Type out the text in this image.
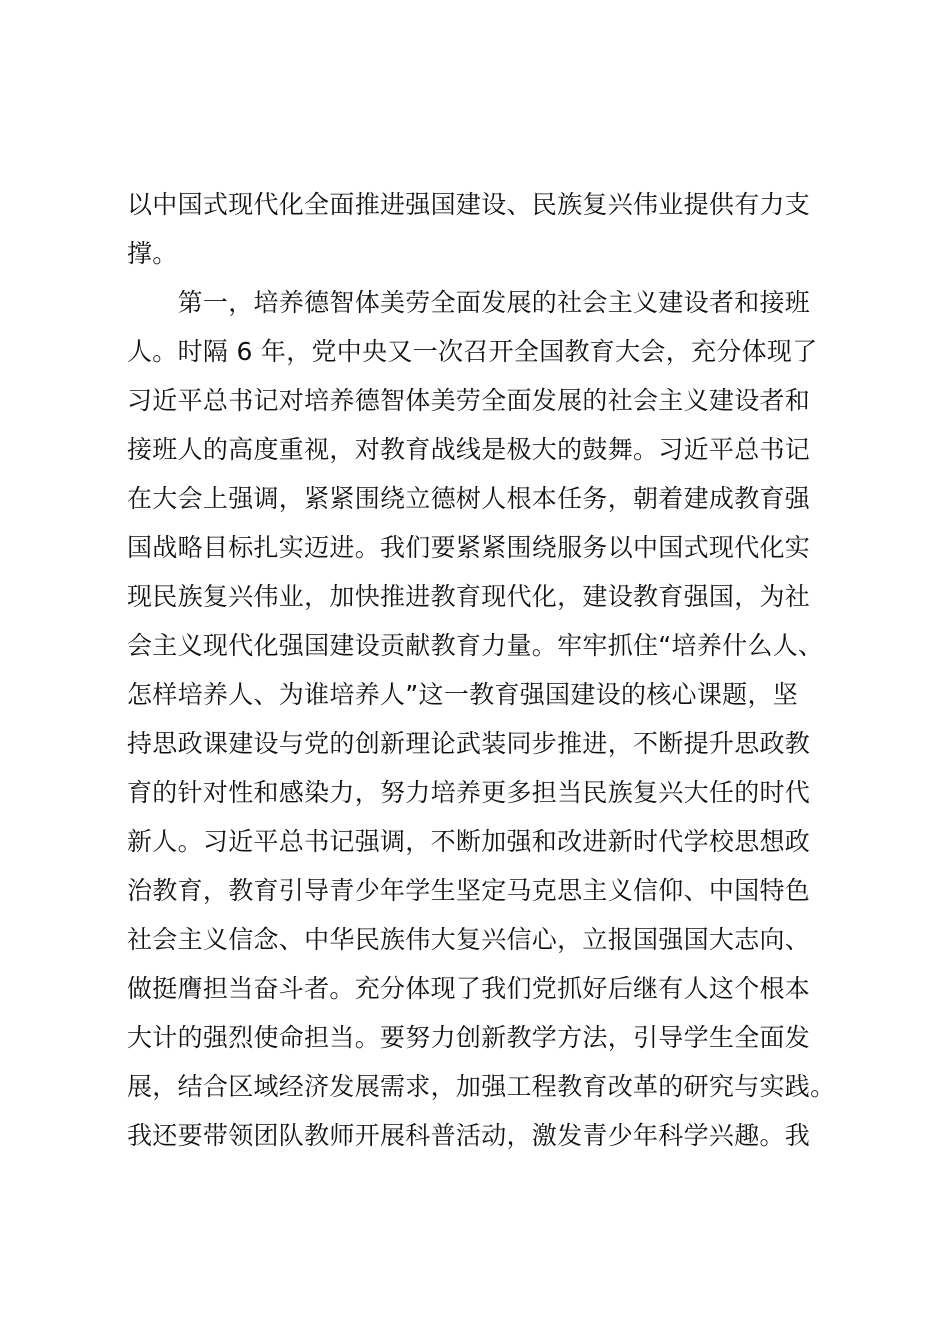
以中国式现代化全面推进强国建设、民族复兴伟业提供有力支
撑。
　　第一，培养德智体美劳全面发展的社会主义建设者和接班
人。时隔 6 年，党中央又一次召开全国教育大会，充分体现了
习近平总书记对培养德智体美劳全面发展的社会主义建设者和
接班人的高度重视，对教育战线是极大的鼓舞。习近平总书记
在大会上强调，紧紧围绕立德树人根本任务，朝着建成教育强
国战略目标扎实迈进。我们要紧紧围绕服务以中国式现代化实
现民族复兴伟业，加快推进教育现代化，建设教育强国，为社
会主义现代化强国建设贡献教育力量。牢牢抓住“培养什么人、
怎样培养人、为谁培养人”这一教育强国建设的核心课题，坚
持思政课建设与党的创新理论武装同步推进，不断提升思政教
育的针对性和感染力，努力培养更多担当民族复兴大任的时代
新人。习近平总书记强调，不断加强和改进新时代学校思想政
治教育，教育引导青少年学生坚定马克思主义信仰、中国特色
社会主义信念、中华民族伟大复兴信心，立报国强国大志向、
做挺膺担当奋斗者。充分体现了我们党抓好后继有人这个根本
大计的强烈使命担当。要努力创新教学方法，引导学生全面发
展，结合区域经济发展需求，加强工程教育改革的研究与实践。
我还要带领团队教师开展科普活动，激发青少年科学兴趣。我
